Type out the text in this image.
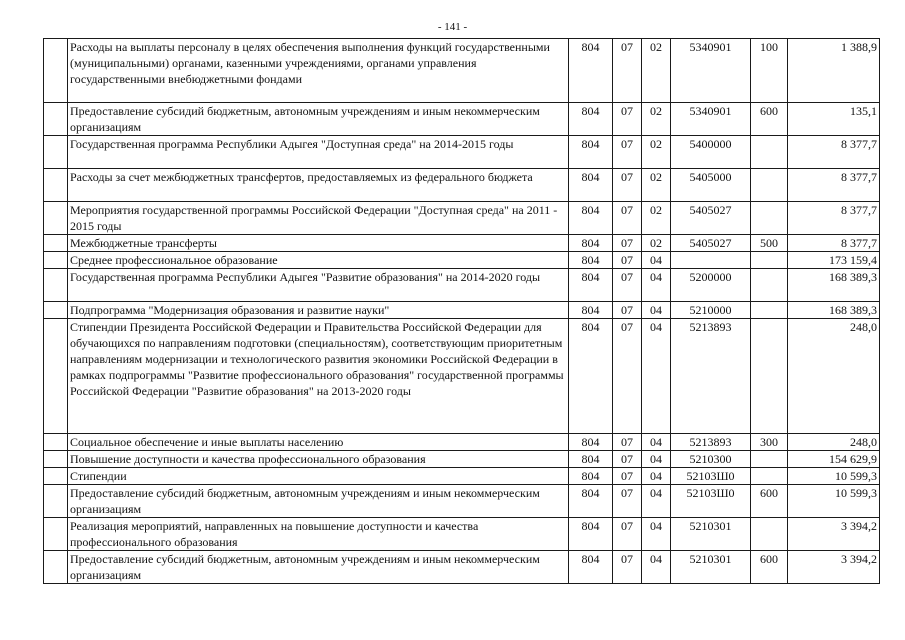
- 141 -
	Расходы на выплаты персоналу в целях обеспечения выполнения функций государственными (муниципальными) органами, казенными учреждениями, органами управления государственными внебюджетными фондами	804	07	02	5340901	100	1 388,9
	Предоставление субсидий бюджетным, автономным учреждениям и иным некоммерческим организациям	804	07	02	5340901	600	135,1
	Государственная программа Республики Адыгея "Доступная среда" на 2014-2015 годы	804	07	02	5400000		8 377,7
	Расходы за счет межбюджетных трансфертов, предоставляемых из федерального бюджета	804	07	02	5405000		8 377,7
	Мероприятия государственной программы Российской Федерации "Доступная среда" на 2011 - 2015 годы	804	07	02	5405027		8 377,7
	Межбюджетные трансферты	804	07	02	5405027	500	8 377,7
	Среднее профессиональное образование	804	07	04			173 159,4
	Государственная программа Республики Адыгея "Развитие образования" на 2014-2020 годы	804	07	04	5200000		168 389,3
	Подпрограмма "Модернизация образования и развитие науки"	804	07	04	5210000		168 389,3
	Стипендии Президента Российской Федерации и Правительства Российской Федерации для обучающихся по направлениям подготовки (специальностям), соответствующим приоритетным направлениям модернизации и технологического развития экономики Российской Федерации в рамках подпрограммы "Развитие профессионального образования" государственной программы Российской Федерации "Развитие образования" на 2013-2020 годы	804	07	04	5213893		248,0
	Социальное обеспечение и иные выплаты населению	804	07	04	5213893	300	248,0
	Повышение доступности и качества профессионального образования	804	07	04	5210300		154 629,9
	Стипендии	804	07	04	52103Ш0		10 599,3
	Предоставление субсидий бюджетным, автономным учреждениям и иным некоммерческим организациям	804	07	04	52103Ш0	600	10 599,3
	Реализация мероприятий, направленных на повышение доступности и качества профессионального образования	804	07	04	5210301		3 394,2
	Предоставление субсидий бюджетным, автономным учреждениям и иным некоммерческим организациям	804	07	04	5210301	600	3 394,2
